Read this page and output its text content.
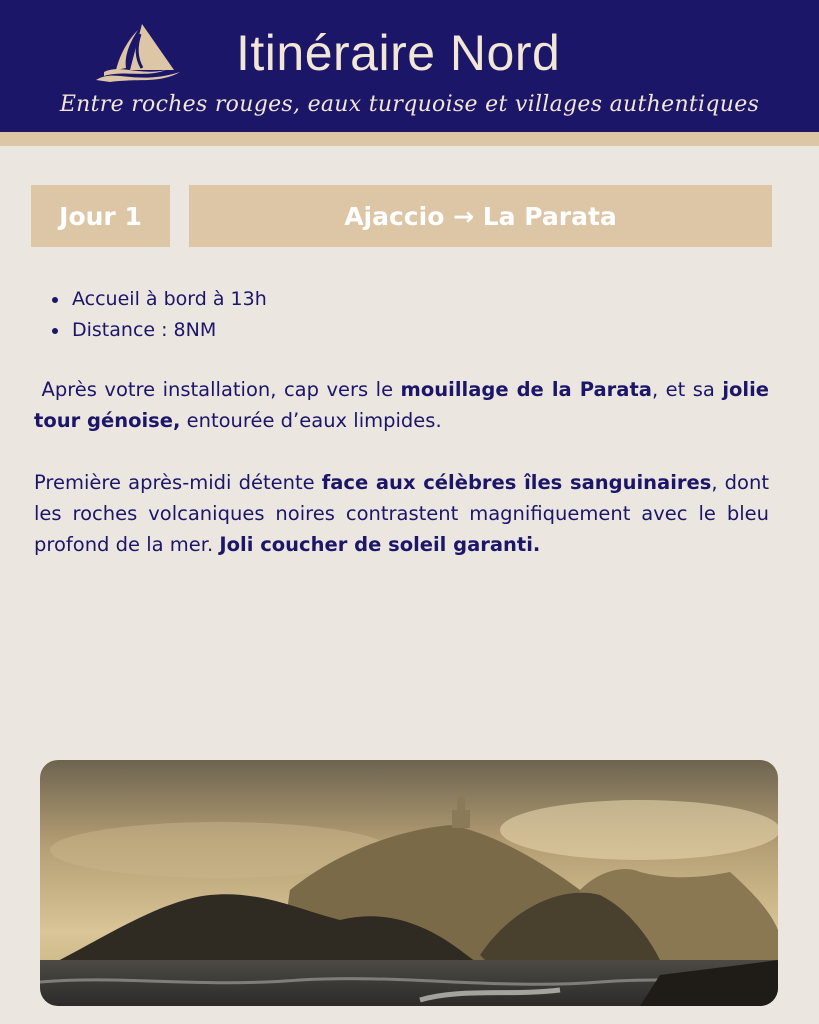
Itinéraire Nord
Entre roches rouges, eaux turquoise et villages authentiques
Jour 1	Ajaccio → La Parata
Accueil à bord à 13h
Distance : 8NM

Après votre installation, cap vers le mouillage de la Parata, et sa jolie tour génoise, entourée d’eaux limpides.

Première après-midi détente face aux célèbres îles sanguinaires, dont les roches volcaniques noires contrastent magnifiquement avec le bleu profond de la mer. Joli coucher de soleil garanti.
